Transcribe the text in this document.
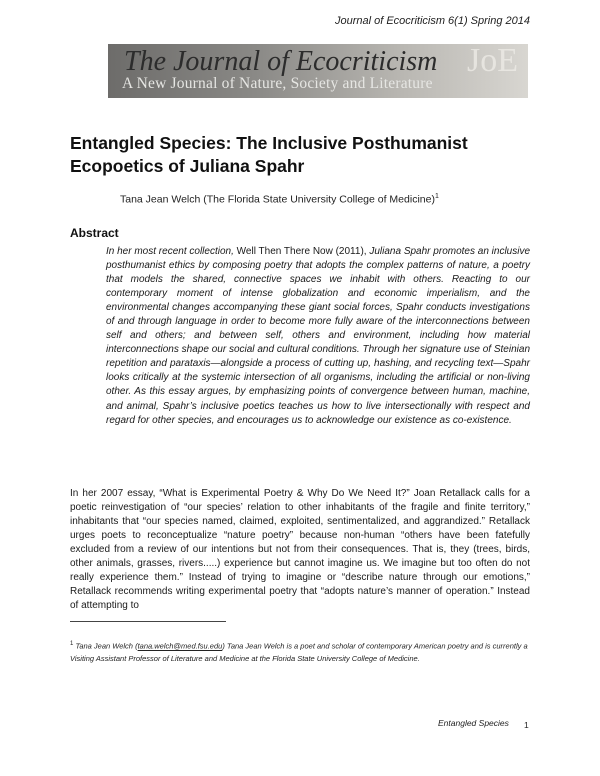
Journal of Ecocriticism 6(1) Spring 2014
The Journal of Ecocriticism
A New Journal of Nature, Society and Literature
JoE
Entangled Species: The Inclusive Posthumanist Ecopoetics of Juliana Spahr
Tana Jean Welch (The Florida State University College of Medicine)$^1$
Abstract

In her most recent collection, Well Then There Now (2011), Juliana Spahr promotes an inclusive posthumanist ethics by composing poetry that adopts the complex patterns of nature, a poetry that models the shared, connective spaces we inhabit with others. Reacting to our contemporary moment of intense globalization and economic imperialism, and the environmental changes accompanying these giant social forces, Spahr conducts investigations of and through language in order to become more fully aware of the interconnections between self and others; and between self, others and environment, including how material interconnections shape our social and cultural conditions. Through her signature use of Steinian repetition and parataxis—alongside a process of cutting up, hashing, and recycling text—Spahr looks critically at the systemic intersection of all organisms, including the artificial or non-living other. As this essay argues, by emphasizing points of convergence between human, machine, and animal, Spahr’s inclusive poetics teaches us how to live intersectionally with respect and regard for other species, and encourages us to acknowledge our existence as co-existence.

In her 2007 essay, “What is Experimental Poetry & Why Do We Need It?” Joan Retallack calls for a poetic reinvestigation of “our species’ relation to other inhabitants of the fragile and finite territory,” inhabitants that “our species named, claimed, exploited, sentimentalized, and aggrandized.” Retallack urges poets to reconceptualize “nature poetry” because non-human “others have been fatefully excluded from a review of our intentions but not from their consequences. That is, they (trees, birds, other animals, grasses, rivers.....) experience but cannot imagine us. We imagine but too often do not really experience them.” Instead of trying to imagine or “describe nature through our emotions,” Retallack recommends writing experimental poetry that “adopts nature’s manner of operation.” Instead of attempting to

$^1$ Tana Jean Welch (tana.welch@med.fsu.edu) Tana Jean Welch is a poet and scholar of contemporary American poetry and is currently a Visiting Assistant Professor of Literature and Medicine at the Florida State University College of Medicine.

Entangled Species 1
